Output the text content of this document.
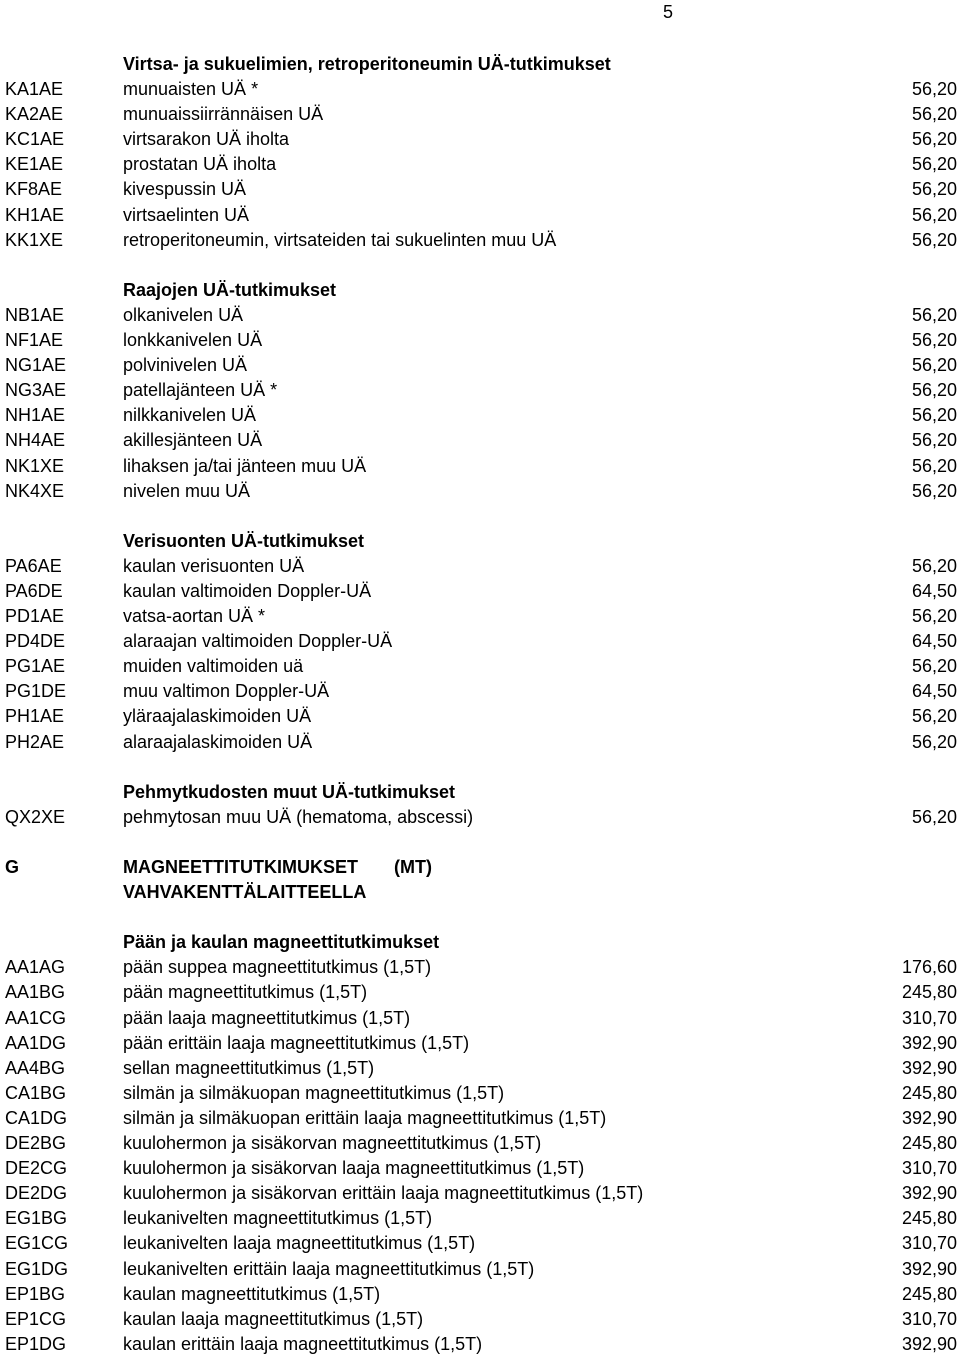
5
Virtsa- ja sukuelimien, retroperitoneumin UÄ-tutkimukset
KA1AE	munuaisten UÄ *	56,20
KA2AE	munuaissiirrännäisen UÄ	56,20
KC1AE	virtsarakon UÄ iholta	56,20
KE1AE	prostatan UÄ iholta	56,20
KF8AE	kivespussin UÄ	56,20
KH1AE	virtsaelinten UÄ	56,20
KK1XE	retroperitoneumin, virtsateiden tai sukuelinten muu UÄ	56,20
Raajojen UÄ-tutkimukset
NB1AE	olkanivelen UÄ	56,20
NF1AE	lonkkanivelen UÄ	56,20
NG1AE	polvinivelen UÄ	56,20
NG3AE	patellajänteen UÄ *	56,20
NH1AE	nilkkanivelen UÄ	56,20
NH4AE	akillesjänteen UÄ	56,20
NK1XE	lihaksen ja/tai jänteen muu UÄ	56,20
NK4XE	nivelen muu UÄ	56,20
Verisuonten UÄ-tutkimukset
PA6AE	kaulan verisuonten UÄ	56,20
PA6DE	kaulan valtimoiden Doppler-UÄ	64,50
PD1AE	vatsa-aortan UÄ *	56,20
PD4DE	alaraajan valtimoiden Doppler-UÄ	64,50
PG1AE	muiden valtimoiden uä	56,20
PG1DE	muu valtimon Doppler-UÄ	64,50
PH1AE	yläraajalaskimoiden UÄ	56,20
PH2AE	alaraajalaskimoiden UÄ	56,20
Pehmytkudosten muut UÄ-tutkimukset
QX2XE	pehmytosan muu UÄ (hematoma, abscessi)	56,20
G	MAGNEETTITUTKIMUKSET (MT)
VAHVAKENTTÄLAITTEELLA
Pään ja kaulan magneettitutkimukset
AA1AG	pään suppea magneettitutkimus (1,5T)	176,60
AA1BG	pään magneettitutkimus (1,5T)	245,80
AA1CG	pään laaja magneettitutkimus (1,5T)	310,70
AA1DG	pään erittäin laaja magneettitutkimus (1,5T)	392,90
AA4BG	sellan magneettitutkimus (1,5T)	392,90
CA1BG	silmän ja silmäkuopan magneettitutkimus (1,5T)	245,80
CA1DG	silmän ja silmäkuopan erittäin laaja magneettitutkimus (1,5T)	392,90
DE2BG	kuulohermon ja sisäkorvan magneettitutkimus (1,5T)	245,80
DE2CG	kuulohermon ja sisäkorvan laaja magneettitutkimus (1,5T)	310,70
DE2DG	kuulohermon ja sisäkorvan erittäin laaja magneettitutkimus (1,5T)	392,90
EG1BG	leukanivelten magneettitutkimus (1,5T)	245,80
EG1CG	leukanivelten laaja magneettitutkimus (1,5T)	310,70
EG1DG	leukanivelten erittäin laaja magneettitutkimus (1,5T)	392,90
EP1BG	kaulan magneettitutkimus (1,5T)	245,80
EP1CG	kaulan laaja magneettitutkimus (1,5T)	310,70
EP1DG	kaulan erittäin laaja magneettitutkimus (1,5T)	392,90
